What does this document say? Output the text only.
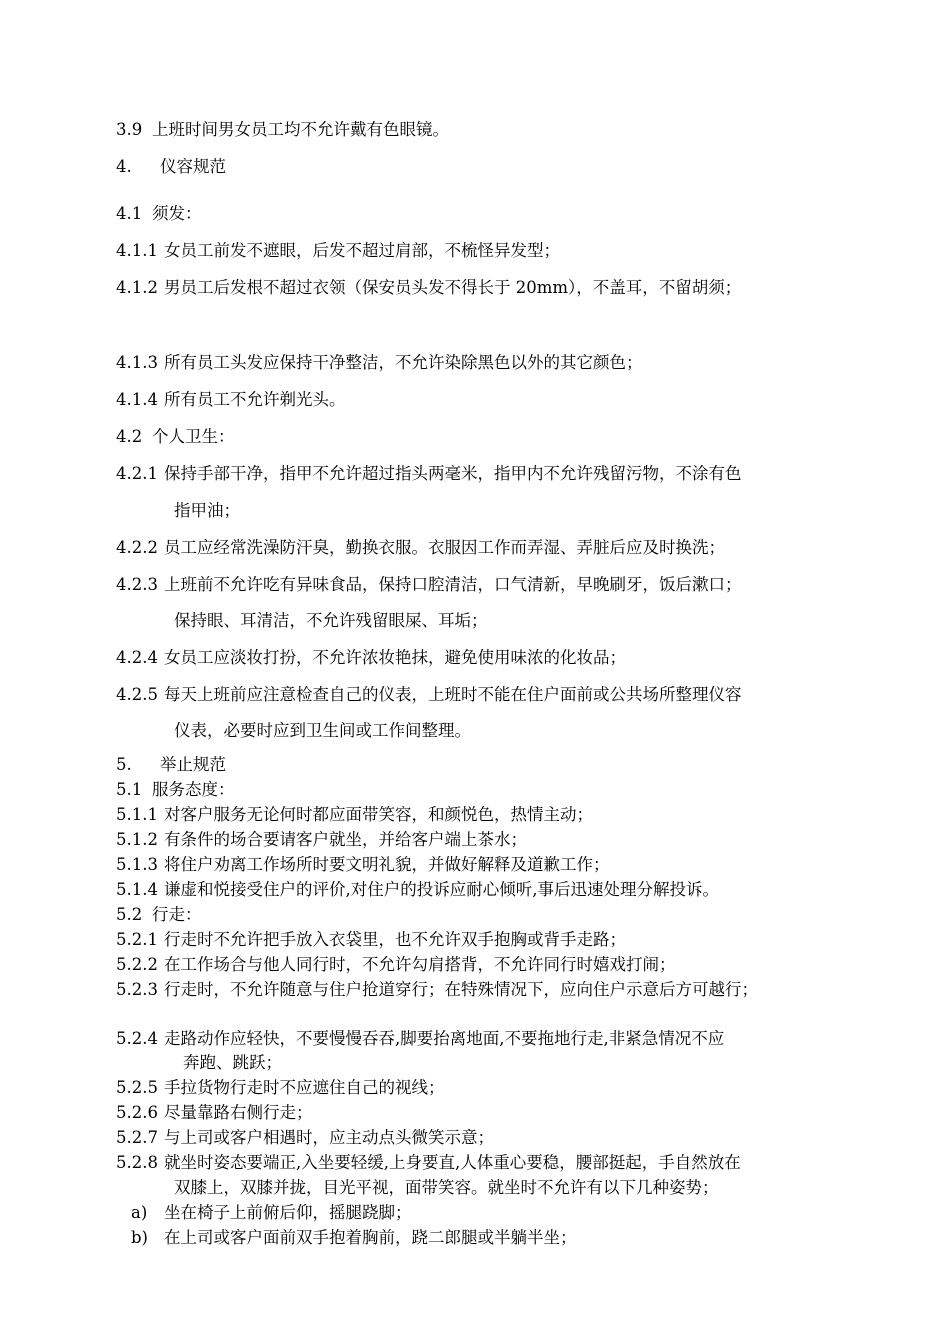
3.9 上班时间男女员工均不允许戴有色眼镜。
4. 仪容规范
4.1 须发：
4.1.1 女员工前发不遮眼，后发不超过肩部，不梳怪异发型；
4.1.2 男员工后发根不超过衣领（保安员头发不得长于 20mm），不盖耳，不留胡须；
4.1.3 所有员工头发应保持干净整洁，不允许染除黑色以外的其它颜色；
4.1.4 所有员工不允许剃光头。
4.2 个人卫生：
4.2.1 保持手部干净，指甲不允许超过指头两毫米，指甲内不允许残留污物，不涂有色
指甲油；
4.2.2 员工应经常洗澡防汗臭，勤换衣服。衣服因工作而弄湿、弄脏后应及时换洗；
4.2.3 上班前不允许吃有异味食品，保持口腔清洁，口气清新，早晚刷牙，饭后漱口；
保持眼、耳清洁，不允许残留眼屎、耳垢；
4.2.4 女员工应淡妆打扮，不允许浓妆艳抹，避免使用味浓的化妆品；
4.2.5 每天上班前应注意检查自己的仪表，上班时不能在住户面前或公共场所整理仪容
仪表，必要时应到卫生间或工作间整理。
5. 举止规范
5.1 服务态度：
5.1.1 对客户服务无论何时都应面带笑容，和颜悦色，热情主动；
5.1.2 有条件的场合要请客户就坐，并给客户端上茶水；
5.1.3 将住户劝离工作场所时要文明礼貌，并做好解释及道歉工作；
5.1.4 谦虚和悦接受住户的评价,对住户的投诉应耐心倾听,事后迅速处理分解投诉。
5.2 行走：
5.2.1 行走时不允许把手放入衣袋里，也不允许双手抱胸或背手走路；
5.2.2 在工作场合与他人同行时，不允许勾肩搭背，不允许同行时嬉戏打闹；
5.2.3 行走时，不允许随意与住户抢道穿行；在特殊情况下，应向住户示意后方可越行；
5.2.4 走路动作应轻快，不要慢慢吞吞,脚要抬离地面,不要拖地行走,非紧急情况不应
奔跑、跳跃；
5.2.5 手拉货物行走时不应遮住自己的视线；
5.2.6 尽量靠路右侧行走；
5.2.7 与上司或客户相遇时，应主动点头微笑示意；
5.2.8 就坐时姿态要端正,入坐要轻缓,上身要直,人体重心要稳，腰部挺起，手自然放在
双膝上，双膝并拢，目光平视，面带笑容。就坐时不允许有以下几种姿势；
a) 坐在椅子上前俯后仰，摇腿跷脚；
b) 在上司或客户面前双手抱着胸前，跷二郎腿或半躺半坐；
